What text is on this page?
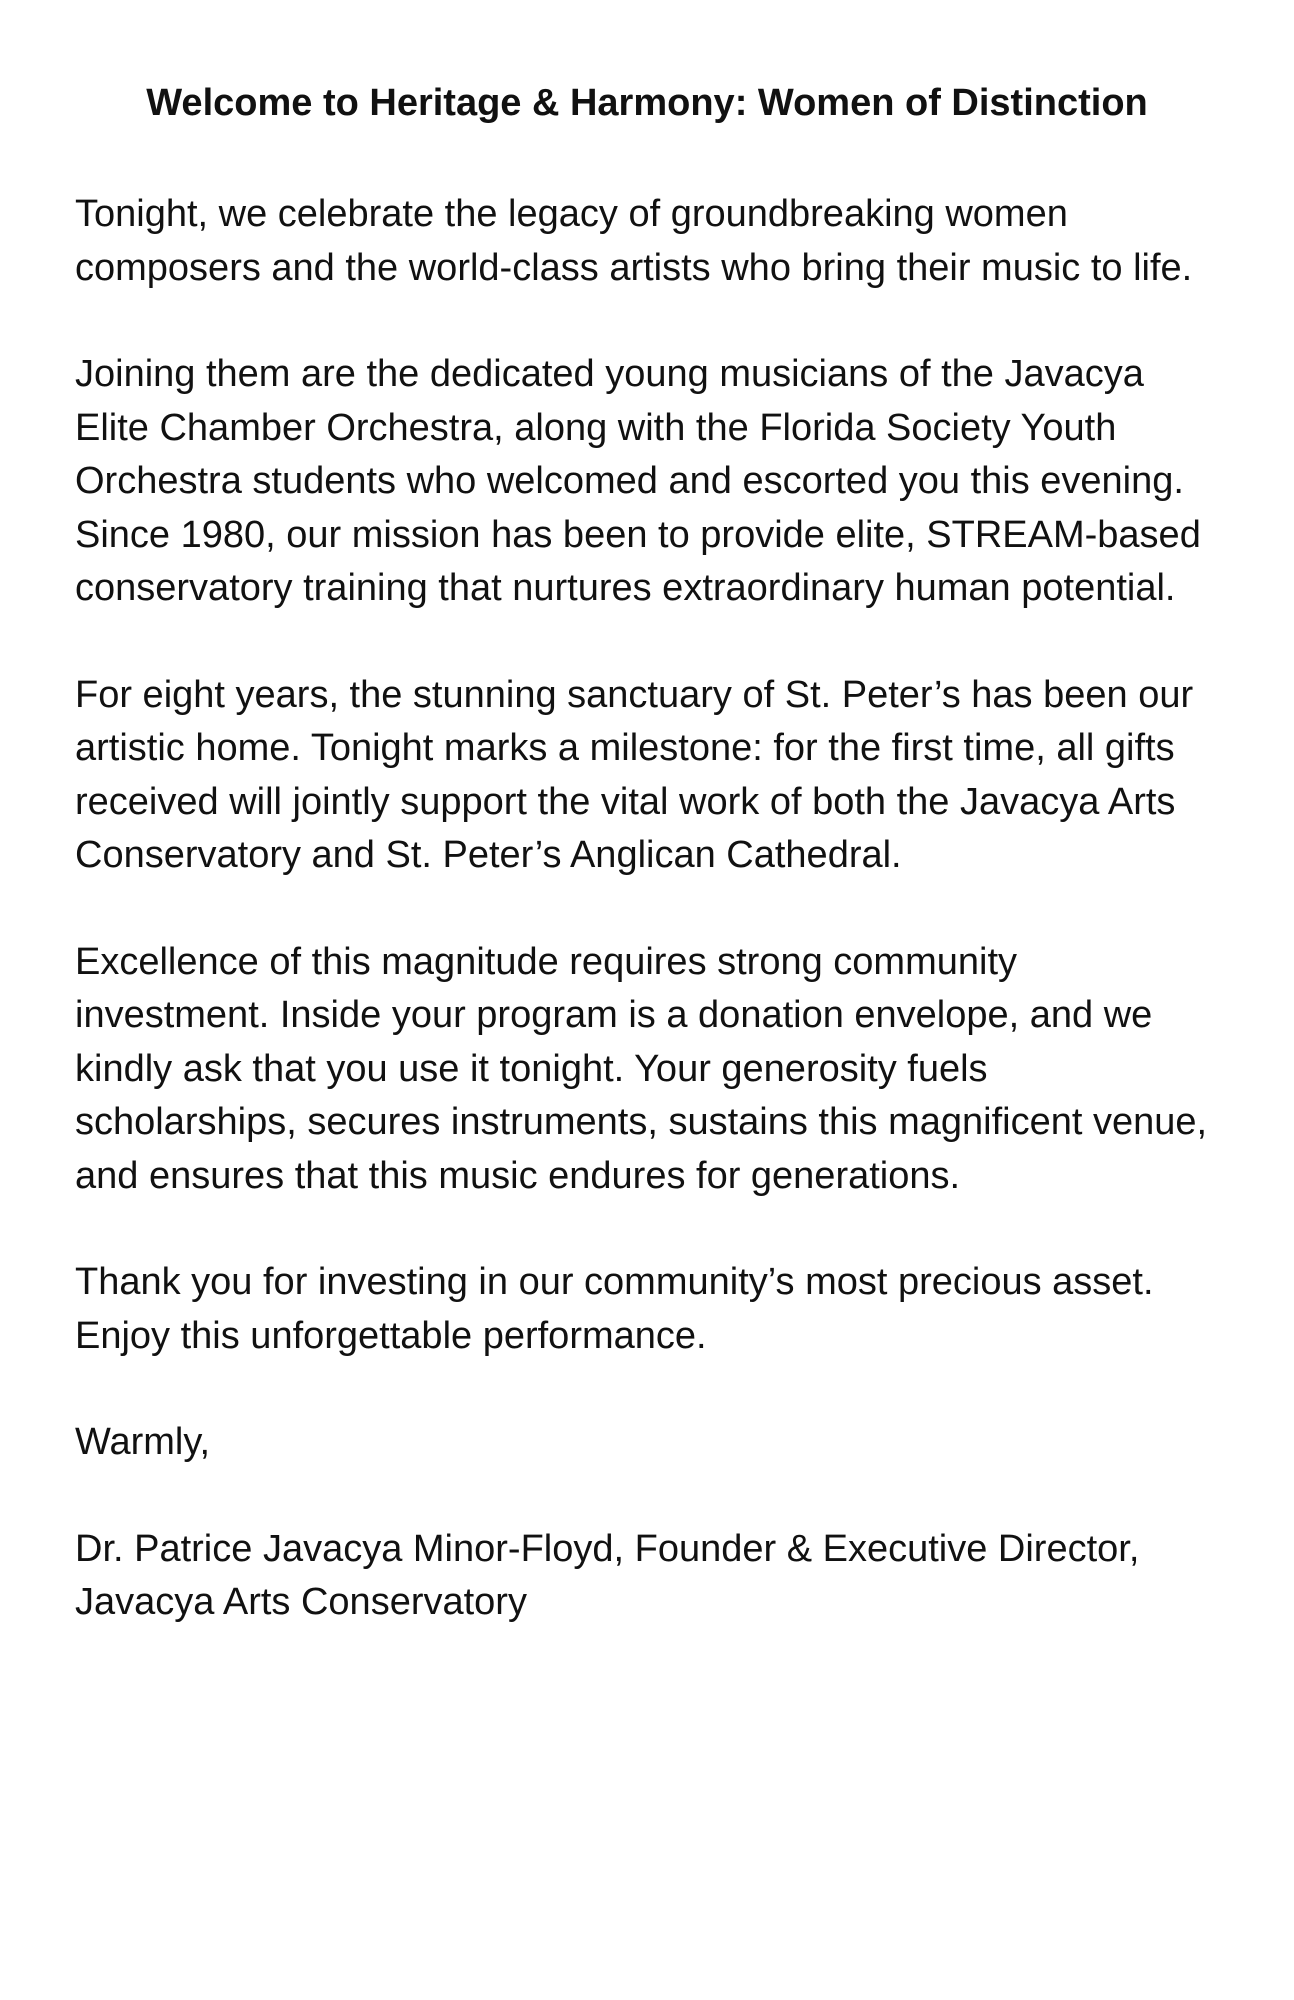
Welcome to Heritage & Harmony: Women of Distinction

Tonight, we celebrate the legacy of groundbreaking women composers and the world-class artists who bring their music to life.

Joining them are the dedicated young musicians of the Javacya Elite Chamber Orchestra, along with the Florida Society Youth Orchestra students who welcomed and escorted you this evening. Since 1980, our mission has been to provide elite, STREAM-based conservatory training that nurtures extraordinary human potential.

For eight years, the stunning sanctuary of St. Peter’s has been our artistic home. Tonight marks a milestone: for the first time, all gifts received will jointly support the vital work of both the Javacya Arts Conservatory and St. Peter’s Anglican Cathedral.

Excellence of this magnitude requires strong community investment. Inside your program is a donation envelope, and we kindly ask that you use it tonight. Your generosity fuels scholarships, secures instruments, sustains this magnificent venue, and ensures that this music endures for generations.

Thank you for investing in our community’s most precious asset. Enjoy this unforgettable performance.

Warmly,

Dr. Patrice Javacya Minor-Floyd, Founder & Executive Director, Javacya Arts Conservatory
